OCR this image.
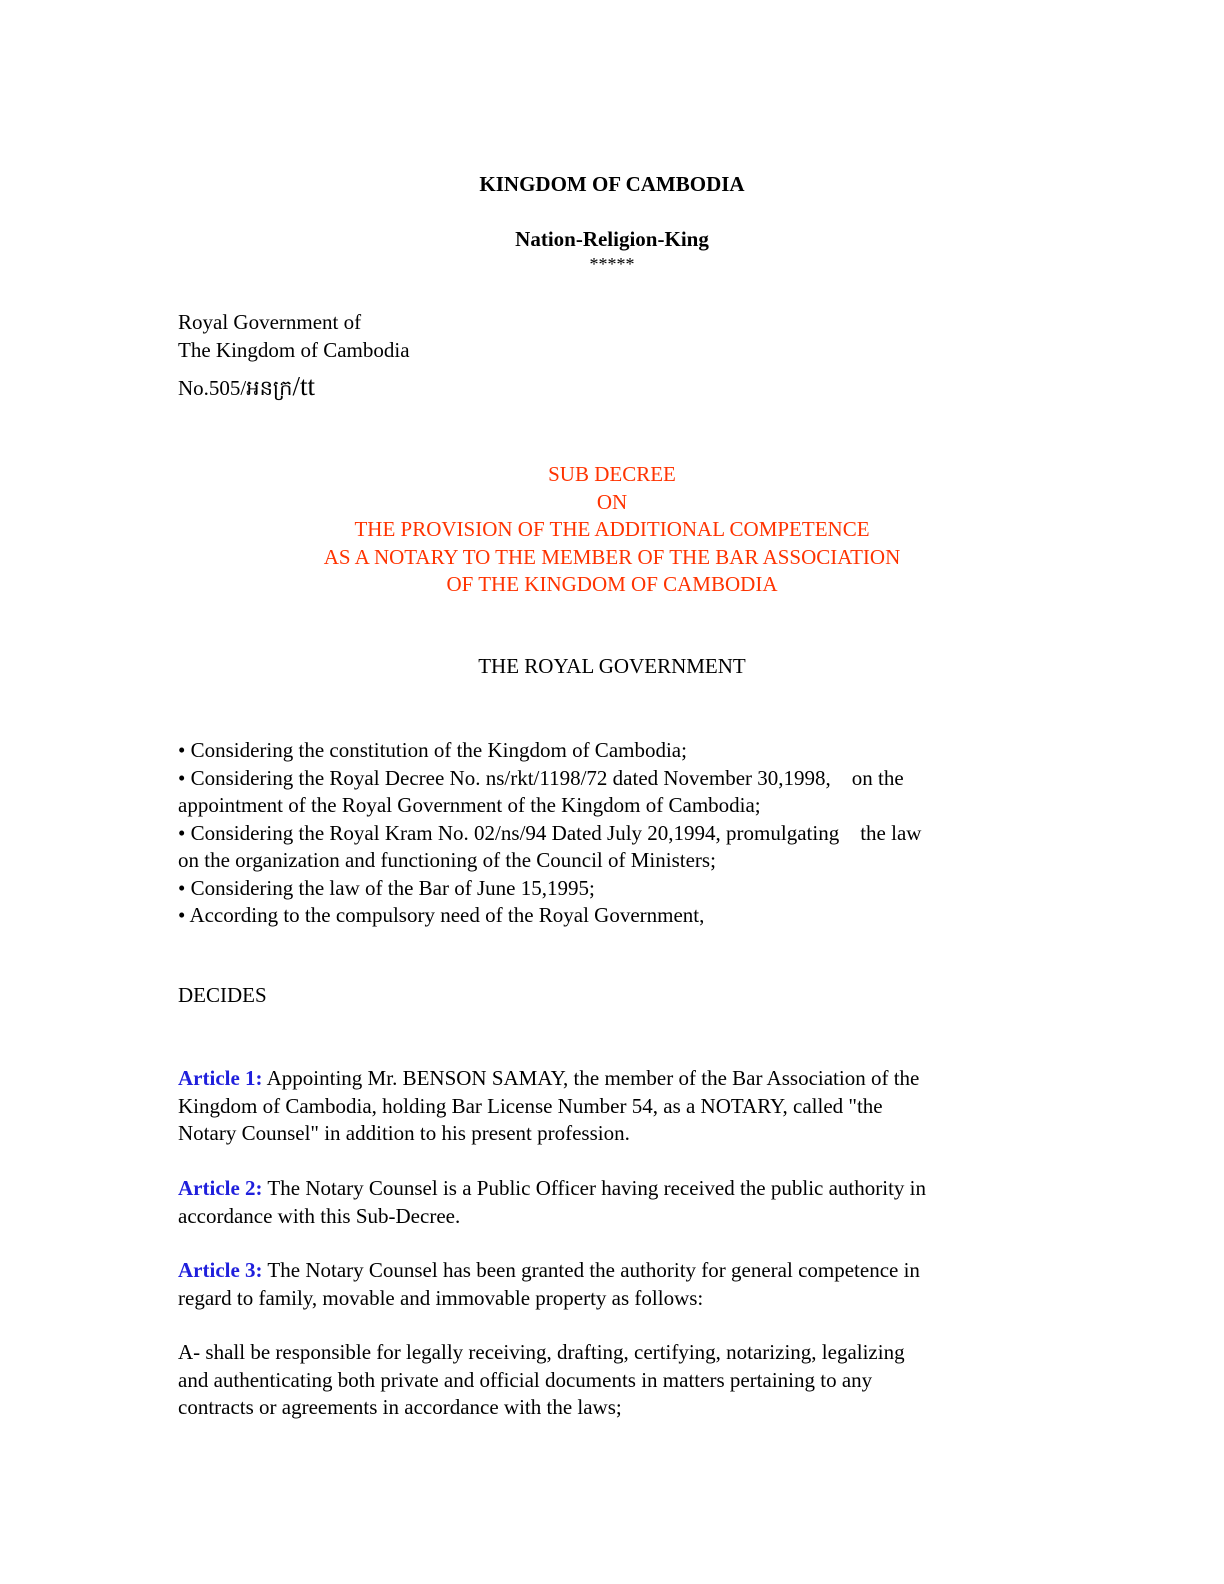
KINGDOM OF CAMBODIA
Nation-Religion-King
*****
Royal Government of
The Kingdom of Cambodia
No.505/អនក្រ/tt
SUB DECREE
ON
THE PROVISION OF THE ADDITIONAL COMPETENCE
AS A NOTARY TO THE MEMBER OF THE BAR ASSOCIATION
OF THE KINGDOM OF CAMBODIA
THE ROYAL GOVERNMENT
• Considering the constitution of the Kingdom of Cambodia;
• Considering the Royal Decree No. ns/rkt/1198/72 dated November 30,1998,    on the
appointment of the Royal Government of the Kingdom of Cambodia;
• Considering the Royal Kram No. 02/ns/94 Dated July 20,1994, promulgating    the law
on the organization and functioning of the Council of Ministers;
• Considering the law of the Bar of June 15,1995;
• According to the compulsory need of the Royal Government,
DECIDES
Article 1: Appointing Mr. BENSON SAMAY, the member of the Bar Association of the
Kingdom of Cambodia, holding Bar License Number 54, as a NOTARY, called "the
Notary Counsel" in addition to his present profession.
Article 2: The Notary Counsel is a Public Officer having received the public authority in
accordance with this Sub-Decree.
Article 3: The Notary Counsel has been granted the authority for general competence in
regard to family, movable and immovable property as follows:
A- shall be responsible for legally receiving, drafting, certifying, notarizing, legalizing
and authenticating both private and official documents in matters pertaining to any
contracts or agreements in accordance with the laws;
